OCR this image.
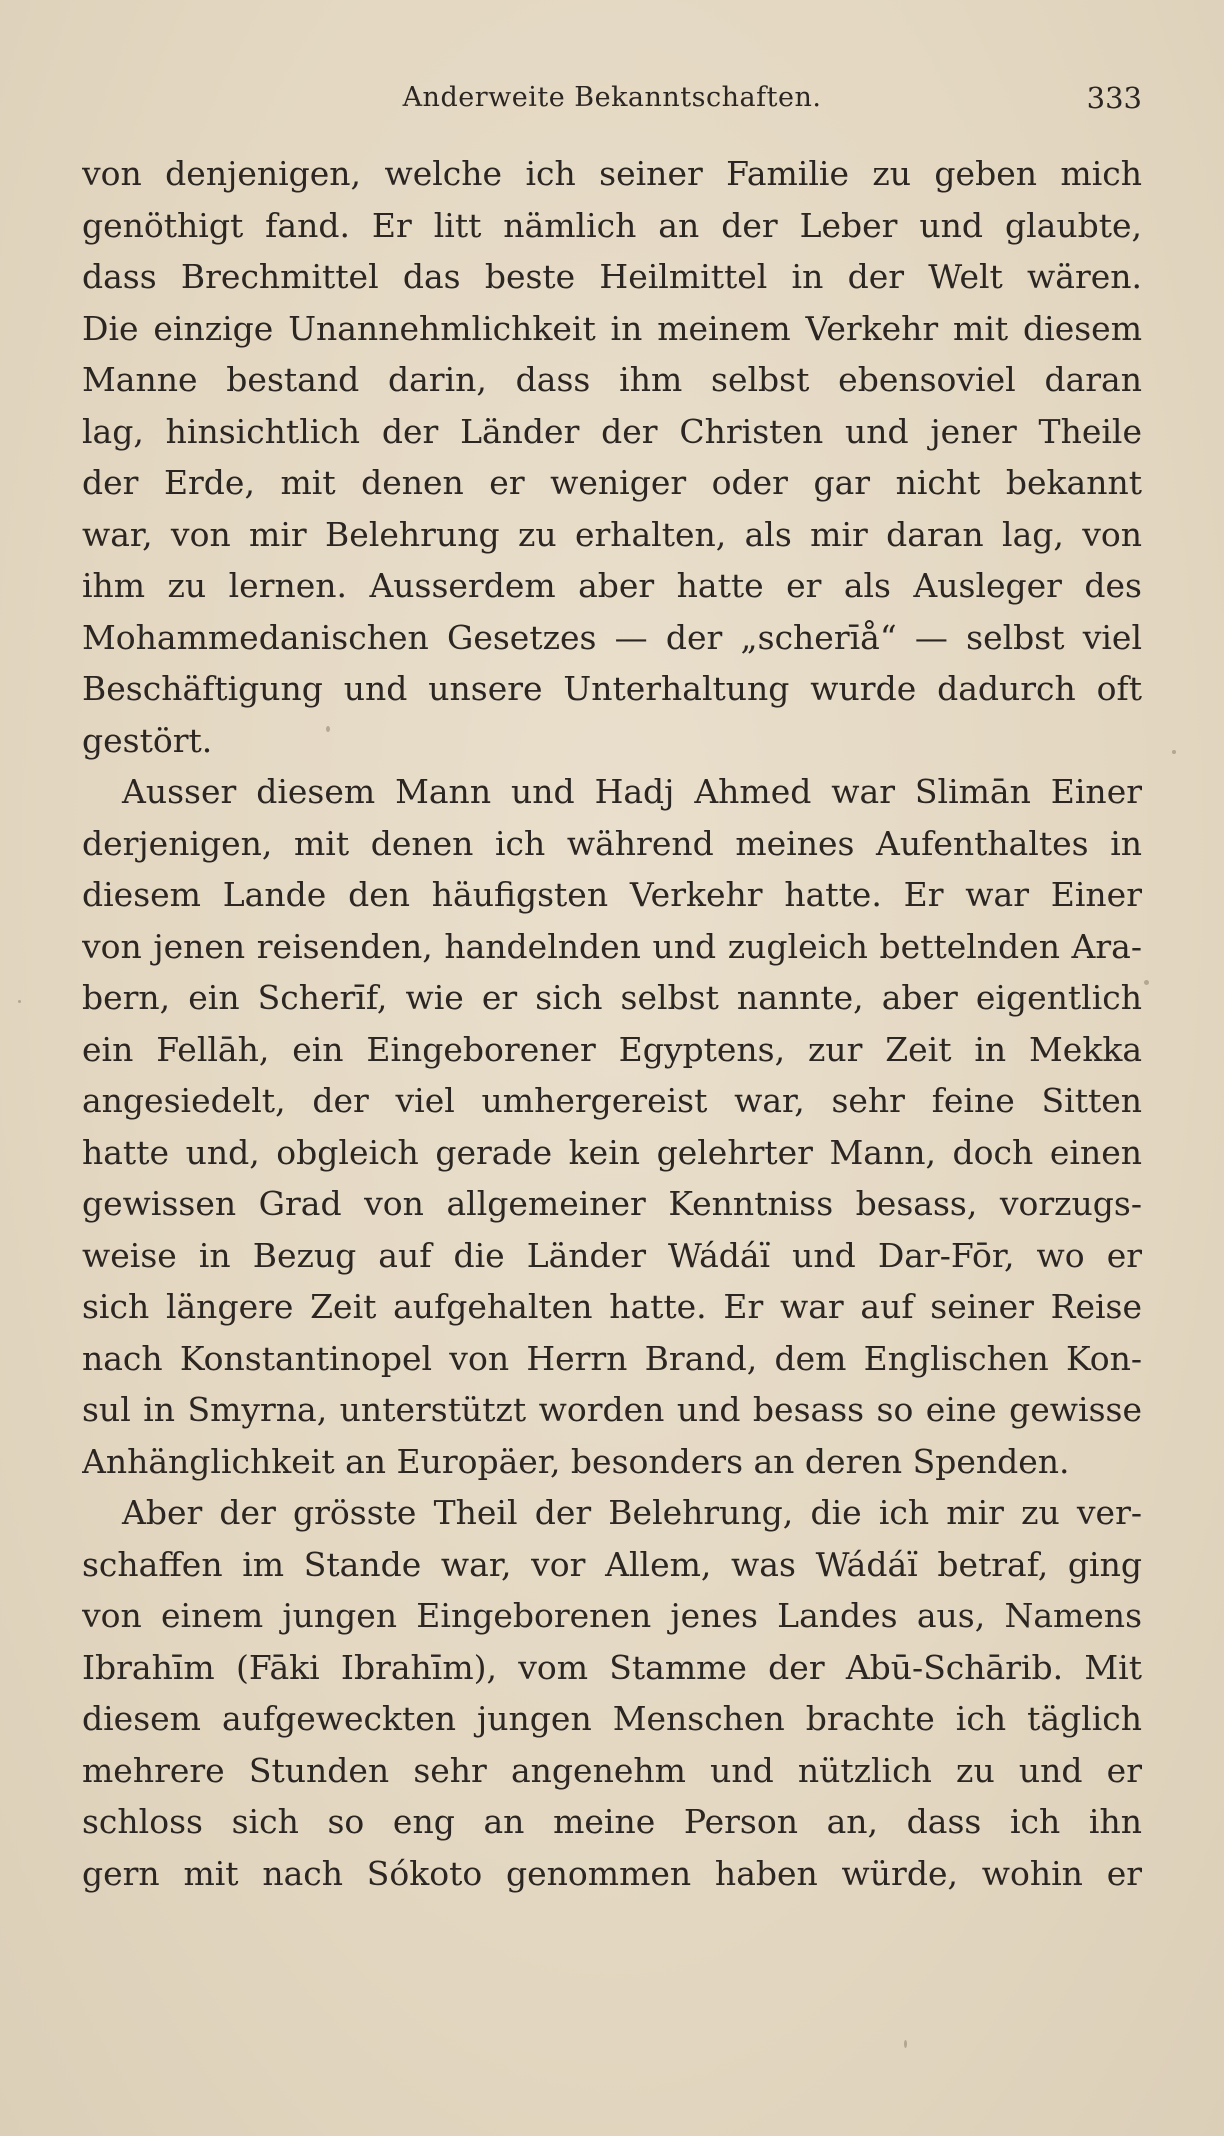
Anderweite Bekanntschaften.	333
von denjenigen, welche ich seiner Familie zu geben mich
genöthigt fand. Er litt nämlich an der Leber und glaubte,
dass Brechmittel das beste Heilmittel in der Welt wären.
Die einzige Unannehmlichkeit in meinem Verkehr mit diesem
Manne bestand darin, dass ihm selbst ebensoviel daran
lag, hinsichtlich der Länder der Christen und jener Theile
der Erde, mit denen er weniger oder gar nicht bekannt
war, von mir Belehrung zu erhalten, als mir daran lag, von
ihm zu lernen. Ausserdem aber hatte er als Ausleger des
Mohammedanischen Gesetzes — der „scherīå“ — selbst viel
Beschäftigung und unsere Unterhaltung wurde dadurch oft
gestört.
Ausser diesem Mann und Hadj Ahmed war Slimān Einer
derjenigen, mit denen ich während meines Aufenthaltes in
diesem Lande den häufigsten Verkehr hatte. Er war Einer
von jenen reisenden, handelnden und zugleich bettelnden Ara-
bern, ein Scherīf, wie er sich selbst nannte, aber eigentlich
ein Fellāh, ein Eingeborener Egyptens, zur Zeit in Mekka
angesiedelt, der viel umhergereist war, sehr feine Sitten
hatte und, obgleich gerade kein gelehrter Mann, doch einen
gewissen Grad von allgemeiner Kenntniss besass, vorzugs-
weise in Bezug auf die Länder Wádáï und Dar-Fōr, wo er
sich längere Zeit aufgehalten hatte. Er war auf seiner Reise
nach Konstantinopel von Herrn Brand, dem Englischen Kon-
sul in Smyrna, unterstützt worden und besass so eine gewisse
Anhänglichkeit an Europäer, besonders an deren Spenden.
Aber der grösste Theil der Belehrung, die ich mir zu ver-
schaffen im Stande war, vor Allem, was Wádáï betraf, ging
von einem jungen Eingeborenen jenes Landes aus, Namens
Ibrahīm (Fāki Ibrahīm), vom Stamme der Abū-Schārib. Mit
diesem aufgeweckten jungen Menschen brachte ich täglich
mehrere Stunden sehr angenehm und nützlich zu und er
schloss sich so eng an meine Person an, dass ich ihn
gern mit nach Sókoto genommen haben würde, wohin er
